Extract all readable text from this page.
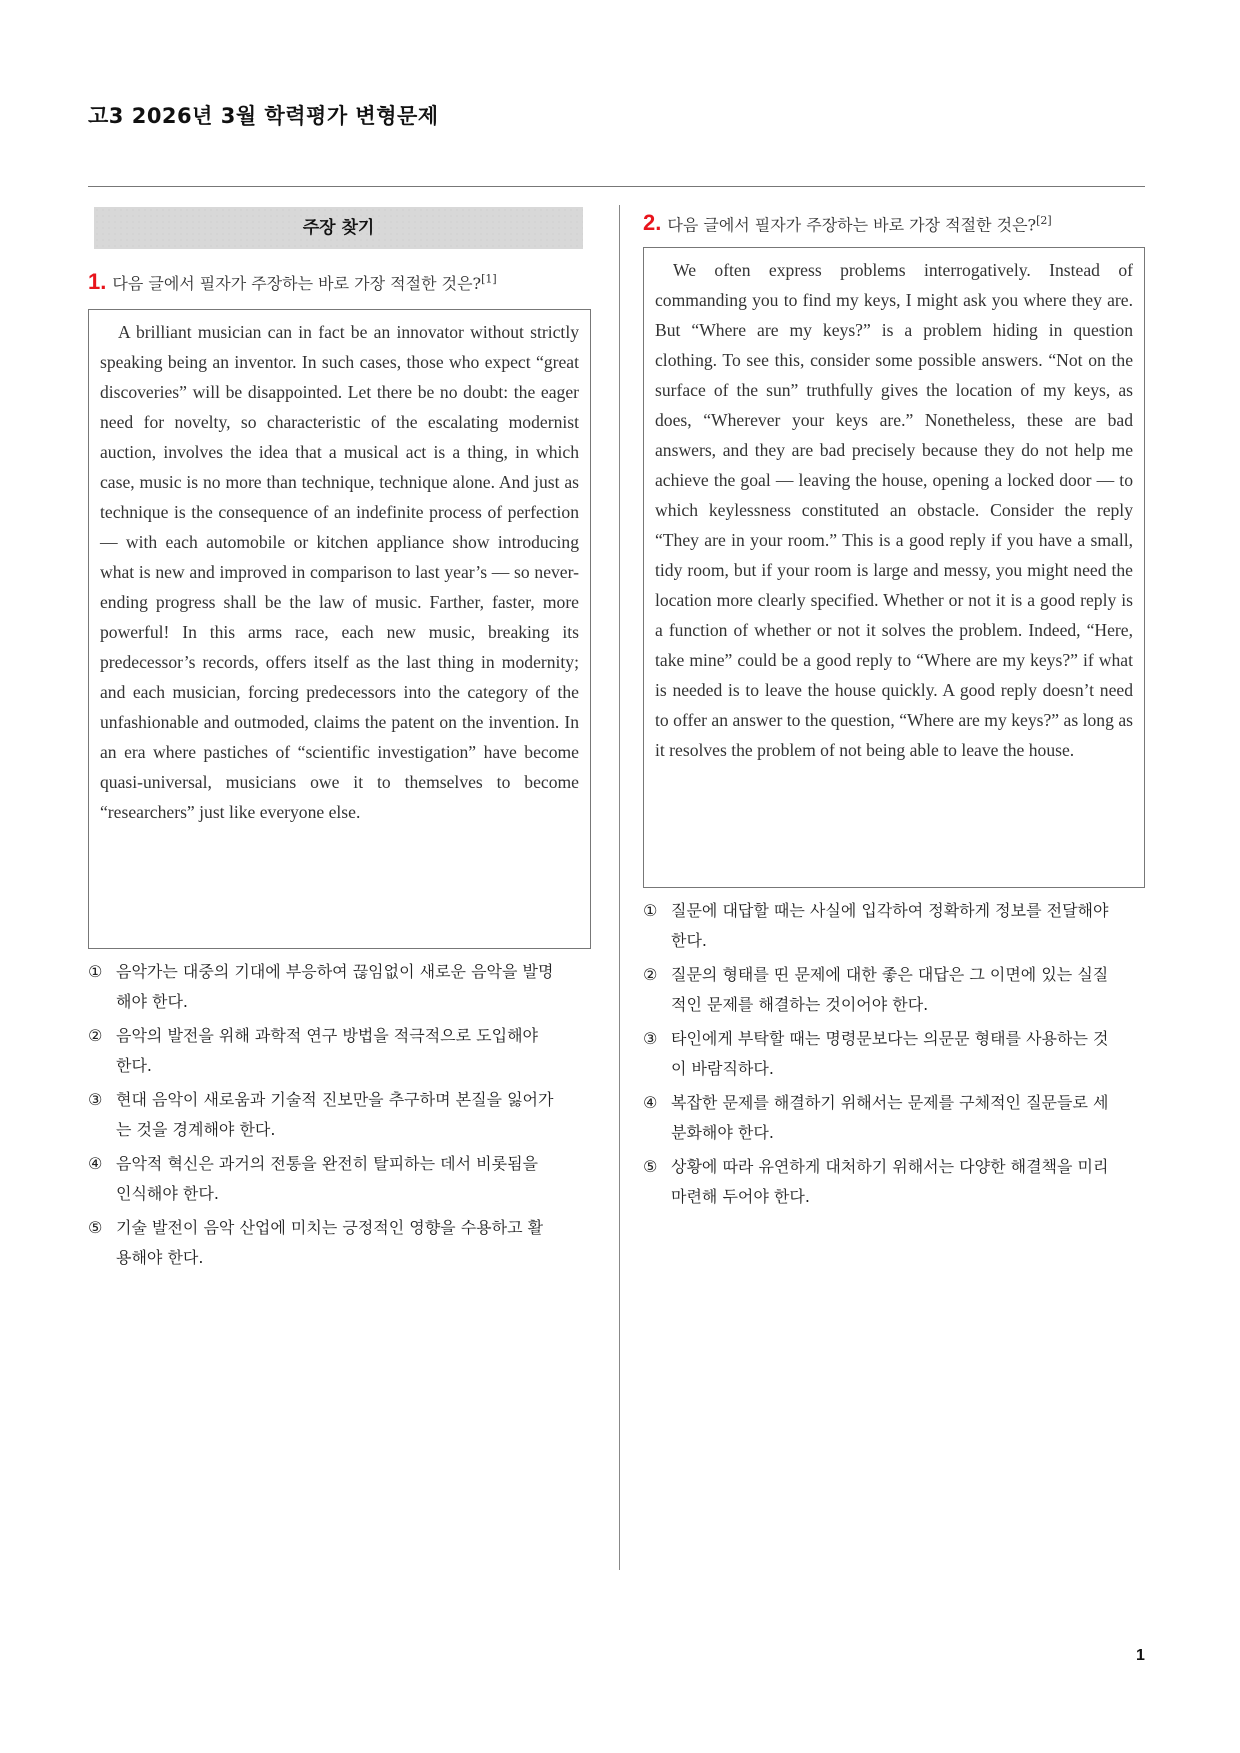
고3 2026년 3월 학력평가 변형문제
주장 찾기
1. 다음 글에서 필자가 주장하는 바로 가장 적절한 것은?[1]
A brilliant musician can in fact be an innovator without strictly speaking being an inventor. In such cases, those who expect “great discoveries” will be disappointed. Let there be no doubt: the eager need for novelty, so characteristic of the escalating modernist auction, involves the idea that a musical act is a thing, in which case, music is no more than technique, technique alone. And just as technique is the consequence of an indefinite process of perfection — with each automobile or kitchen appliance show introducing what is new and improved in comparison to last year’s — so never-ending progress shall be the law of music. Farther, faster, more powerful! In this arms race, each new music, breaking its predecessor’s records, offers itself as the last thing in modernity; and each musician, forcing predecessors into the category of the unfashionable and outmoded, claims the patent on the invention. In an era where pastiches of “scientific investigation” have become quasi-universal, musicians owe it to themselves to become “researchers” just like everyone else.
① 음악가는 대중의 기대에 부응하여 끊임없이 새로운 음악을 발명해야 한다.
② 음악의 발전을 위해 과학적 연구 방법을 적극적으로 도입해야 한다.
③ 현대 음악이 새로움과 기술적 진보만을 추구하며 본질을 잃어가는 것을 경계해야 한다.
④ 음악적 혁신은 과거의 전통을 완전히 탈피하는 데서 비롯됨을 인식해야 한다.
⑤ 기술 발전이 음악 산업에 미치는 긍정적인 영향을 수용하고 활용해야 한다.
2. 다음 글에서 필자가 주장하는 바로 가장 적절한 것은?[2]
We often express problems interrogatively. Instead of commanding you to find my keys, I might ask you where they are. But “Where are my keys?” is a problem hiding in question clothing. To see this, consider some possible answers. “Not on the surface of the sun” truthfully gives the location of my keys, as does, “Wherever your keys are.” Nonetheless, these are bad answers, and they are bad precisely because they do not help me achieve the goal — leaving the house, opening a locked door — to which keylessness constituted an obstacle. Consider the reply “They are in your room.” This is a good reply if you have a small, tidy room, but if your room is large and messy, you might need the location more clearly specified. Whether or not it is a good reply is a function of whether or not it solves the problem. Indeed, “Here, take mine” could be a good reply to “Where are my keys?” if what is needed is to leave the house quickly. A good reply doesn’t need to offer an answer to the question, “Where are my keys?” as long as it resolves the problem of not being able to leave the house.
① 질문에 대답할 때는 사실에 입각하여 정확하게 정보를 전달해야 한다.
② 질문의 형태를 띤 문제에 대한 좋은 대답은 그 이면에 있는 실질적인 문제를 해결하는 것이어야 한다.
③ 타인에게 부탁할 때는 명령문보다는 의문문 형태를 사용하는 것이 바람직하다.
④ 복잡한 문제를 해결하기 위해서는 문제를 구체적인 질문들로 세분화해야 한다.
⑤ 상황에 따라 유연하게 대처하기 위해서는 다양한 해결책을 미리 마련해 두어야 한다.
1
